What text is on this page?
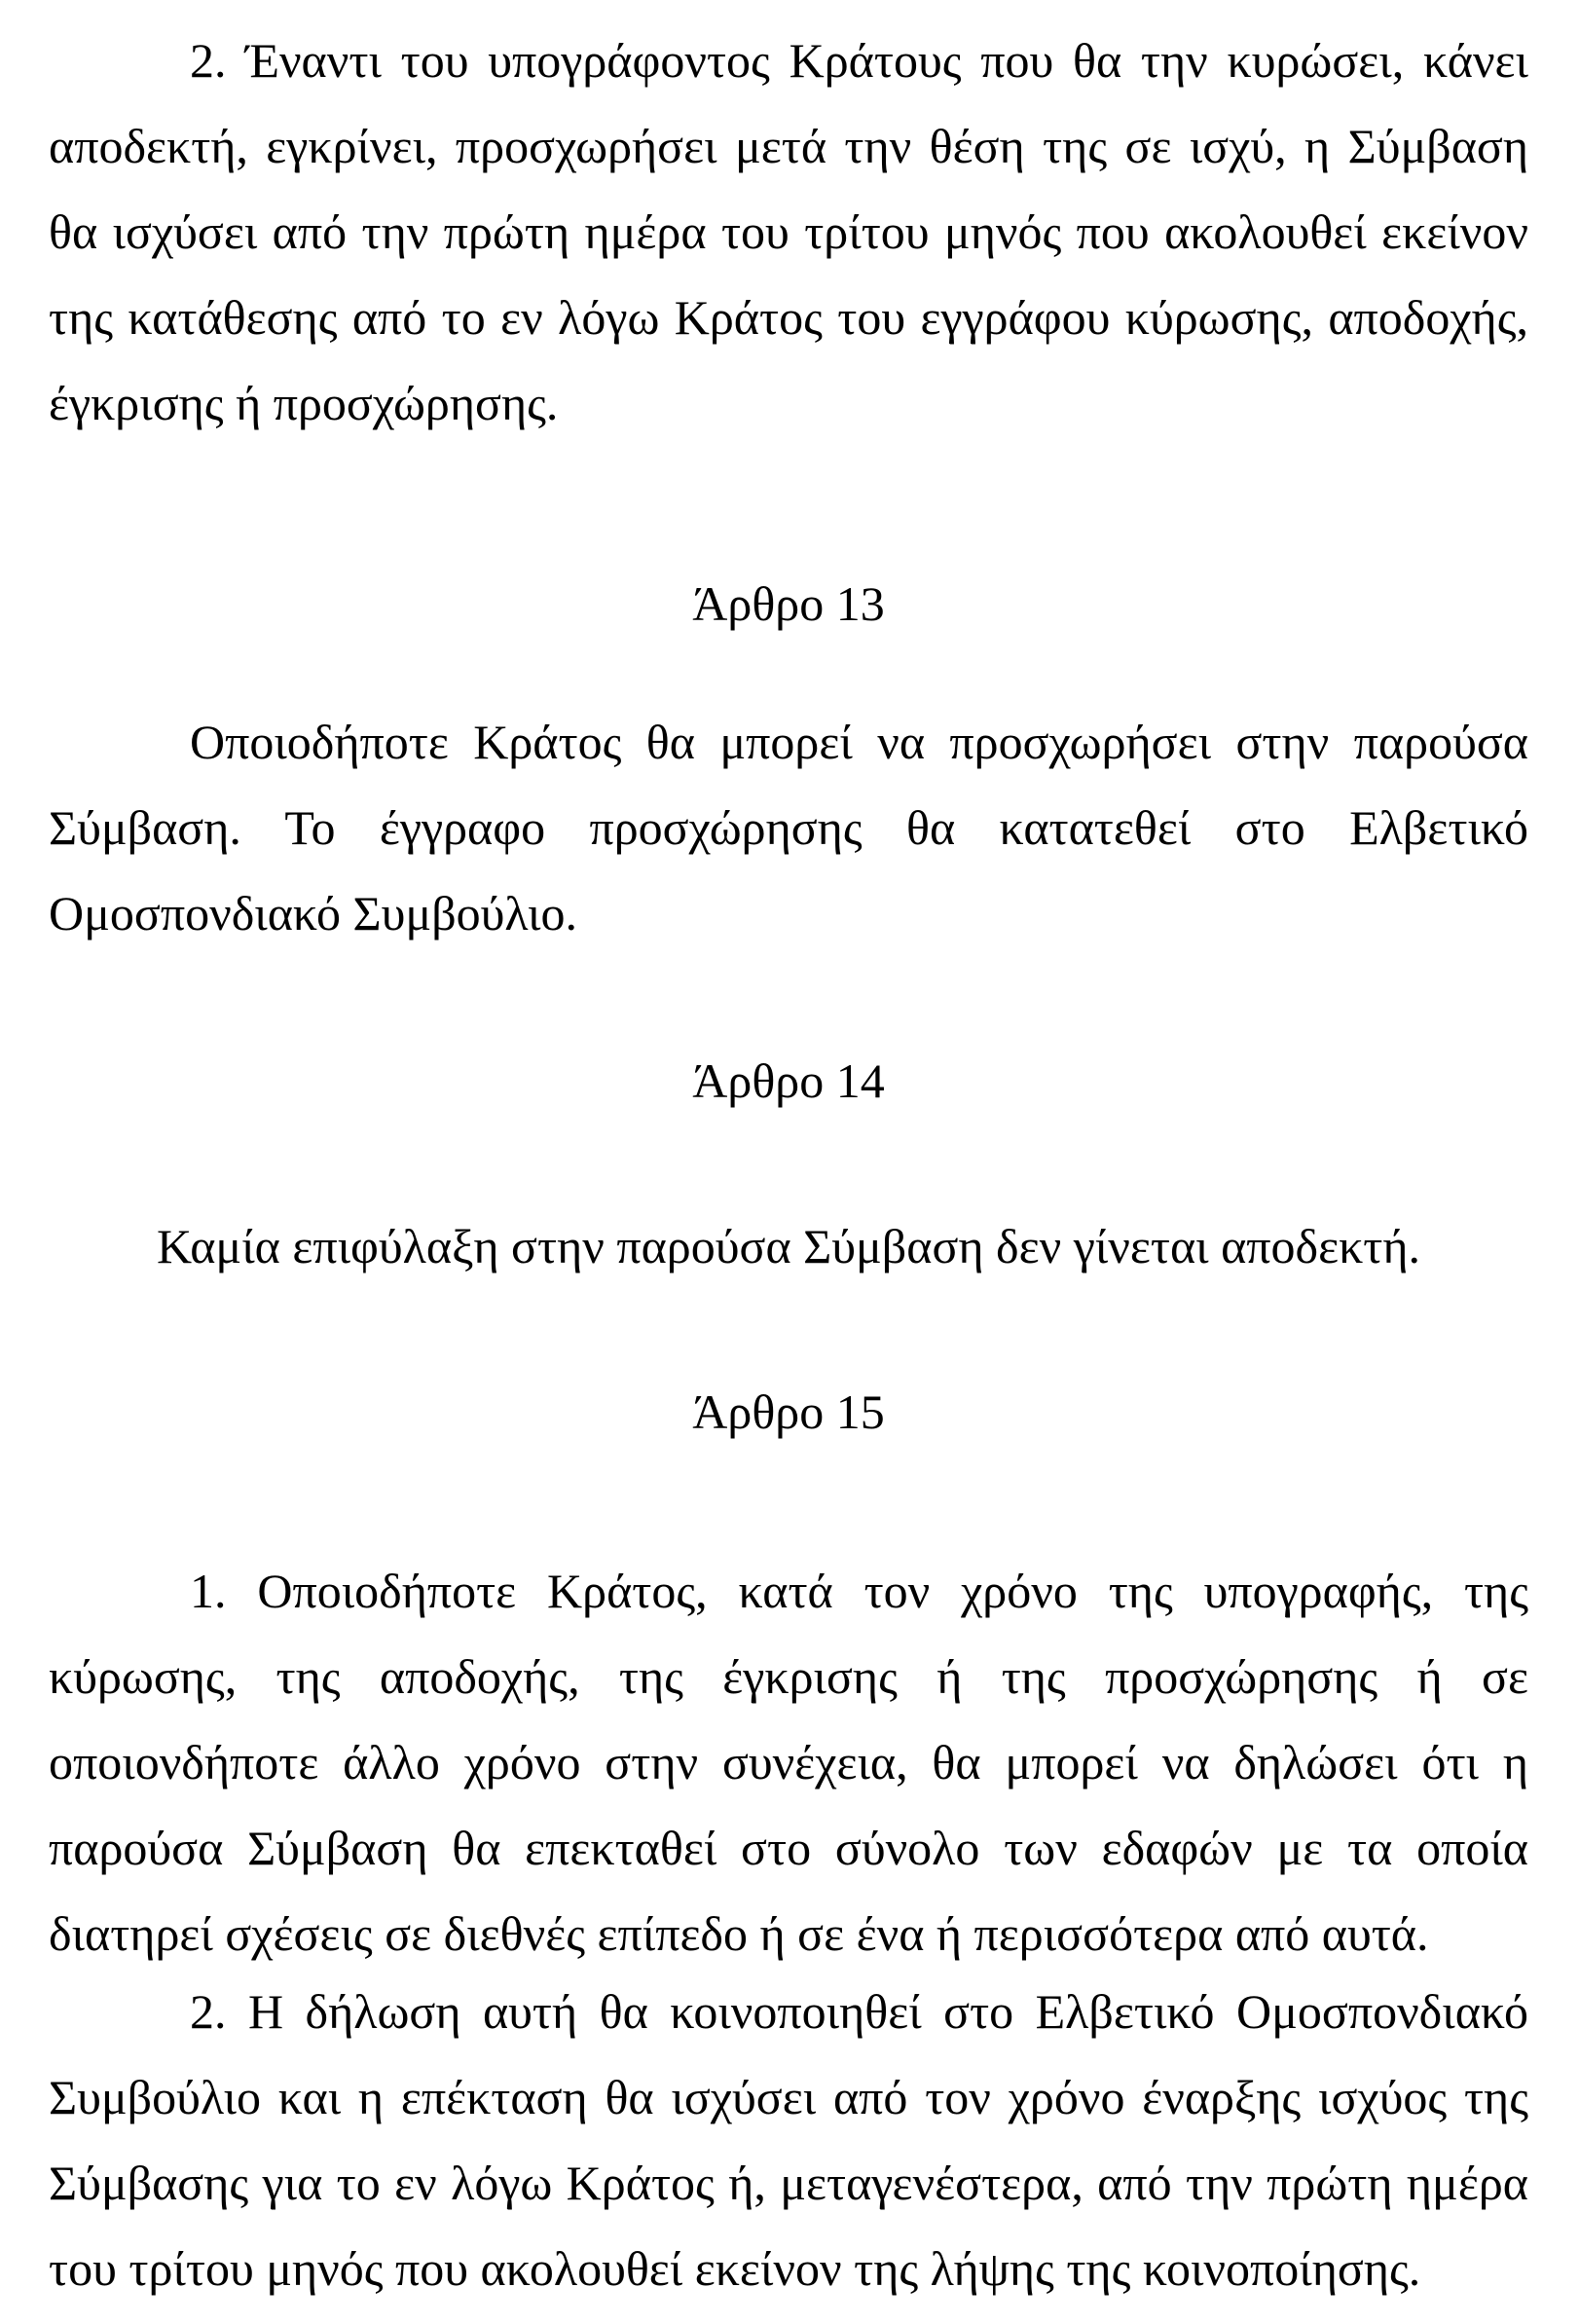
2. Έναντι του υπογράφοντος Κράτους που θα την κυρώσει, κάνει αποδεκτή, εγκρίνει, προσχωρήσει μετά την θέση της σε ισχύ, η Σύμβαση θα ισχύσει από την πρώτη ημέρα του τρίτου μηνός που ακολουθεί εκείνον της κατάθεσης από το εν λόγω Κράτος του εγγράφου κύρωσης, αποδοχής, έγκρισης ή προσχώρησης.

Άρθρο 13

Οποιοδήποτε Κράτος θα μπορεί να προσχωρήσει στην παρούσα Σύμβαση. Το έγγραφο προσχώρησης θα κατατεθεί στο Ελβετικό Ομοσπονδιακό Συμβούλιο.

Άρθρο 14

Καμία επιφύλαξη στην παρούσα Σύμβαση δεν γίνεται αποδεκτή.

Άρθρο 15

1. Οποιοδήποτε Κράτος, κατά τον χρόνο της υπογραφής, της κύρωσης, της αποδοχής, της έγκρισης ή της προσχώρησης ή σε οποιονδήποτε άλλο χρόνο στην συνέχεια, θα μπορεί να δηλώσει ότι η παρούσα Σύμβαση θα επεκταθεί στο σύνολο των εδαφών με τα οποία διατηρεί σχέσεις σε διεθνές επίπεδο ή σε ένα ή περισσότερα από αυτά.

2. Η δήλωση αυτή θα κοινοποιηθεί στο Ελβετικό Ομοσπονδιακό Συμβούλιο και η επέκταση θα ισχύσει από τον χρόνο έναρξης ισχύος της Σύμβασης για το εν λόγω Κράτος ή, μεταγενέστερα, από την πρώτη ημέρα του τρίτου μηνός που ακολουθεί εκείνον της λήψης της κοινοποίησης.
